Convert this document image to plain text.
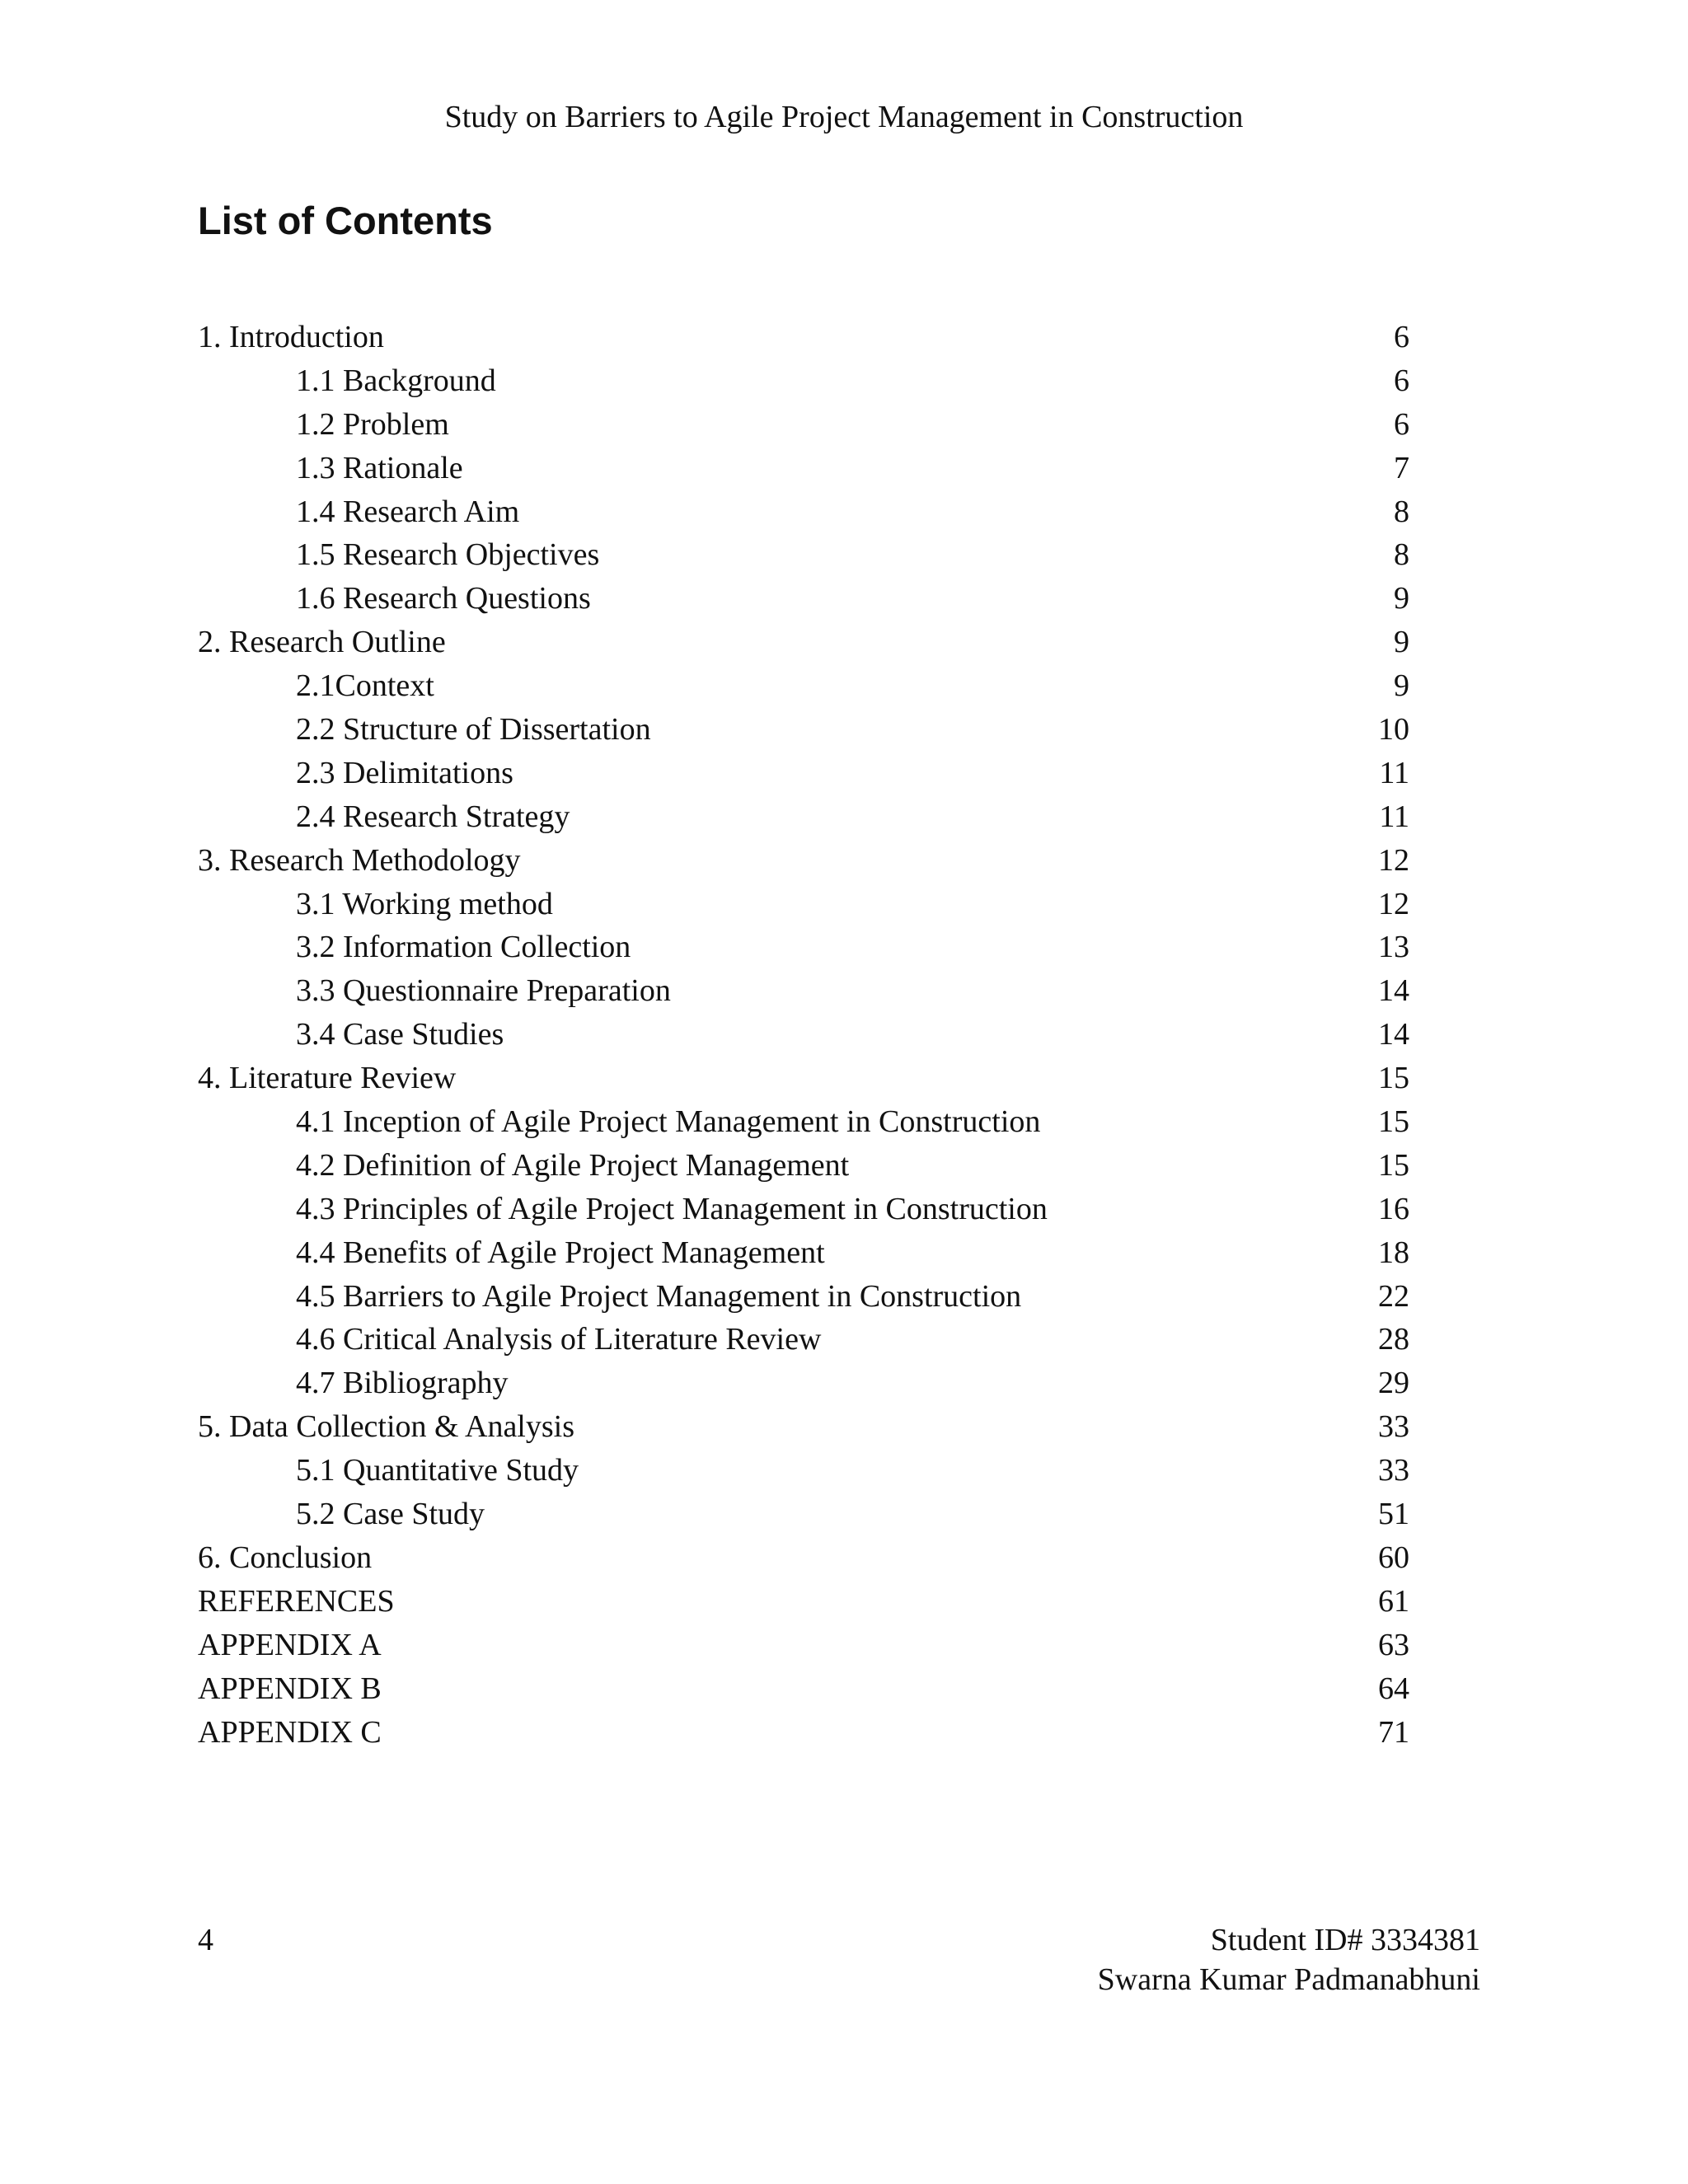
Study on Barriers to Agile Project Management in Construction
List of Contents
1. Introduction	6
1.1 Background	6
1.2 Problem	6
1.3 Rationale	7
1.4 Research Aim	8
1.5 Research Objectives	8
1.6 Research Questions	9
2. Research Outline	9
2.1Context	9
2.2 Structure of Dissertation	10
2.3 Delimitations	11
2.4 Research Strategy	11
3. Research Methodology	12
3.1 Working method	12
3.2 Information Collection	13
3.3 Questionnaire Preparation	14
3.4 Case Studies	14
4. Literature Review	15
4.1 Inception of Agile Project Management in Construction	15
4.2 Definition of Agile Project Management	15
4.3 Principles of Agile Project Management in Construction	16
4.4 Benefits of Agile Project Management	18
4.5 Barriers to Agile Project Management in Construction	22
4.6 Critical Analysis of Literature Review	28
4.7 Bibliography	29
5. Data Collection & Analysis	33
5.1 Quantitative Study	33
5.2 Case Study	51
6. Conclusion	60
REFERENCES	61
APPENDIX A	63
APPENDIX B	64
APPENDIX C	71
4	Student ID# 3334381
Swarna Kumar Padmanabhuni
